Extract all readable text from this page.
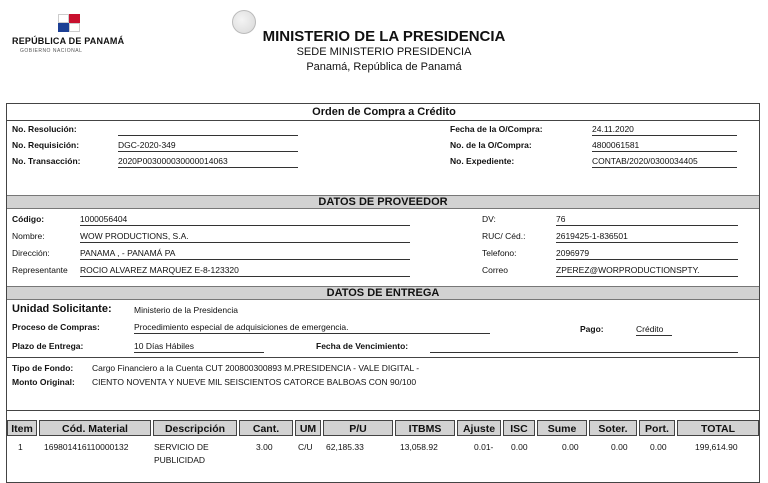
REPÚBLICA DE PANAMÁ
GOBIERNO NACIONAL
MINISTERIO DE LA PRESIDENCIA
SEDE MINISTERIO PRESIDENCIA
Panamá, República de Panamá
Orden de Compra a Crédito
No. Resolución:
No. Requisición:	DGC-2020-349
No. Transacción:	2020P003000030000014063
Fecha de la O/Compra:	24.11.2020
No. de la O/Compra:	4800061581
No. Expediente:	CONTAB/2020/0300034405
DATOS DE PROVEEDOR
Código:	1000056404
Nombre:	WOW PRODUCTIONS, S.A.
Dirección:	PANAMA , - PANAMÁ PA
Representante ROCIO ALVAREZ MARQUEZ E-8-123320
DV:	76
RUC/ Céd.:	2619425-1-836501
Telefono:	2096979
Correo	ZPEREZ@WORPRODUCTIONSPTY.
DATOS DE ENTREGA
Unidad Solicitante:	Ministerio de la Presidencia
Proceso de Compras:	Procedimiento especial de adquisiciones de emergencia.	Pago:	Crédito
Plazo de Entrega:	10 Días Hábiles	Fecha de Vencimiento:
Tipo de Fondo: Cargo Financiero a la Cuenta CUT 200800300893 M.PRESIDENCIA - VALE DIGITAL -
Monto Original: CIENTO NOVENTA Y NUEVE MIL SEISCIENTOS CATORCE BALBOAS CON 90/100
Item	Cód. Material	Descripción	Cant.	UM	P/U	ITBMS	Ajuste	ISC	Sume	Soter.	Port.	TOTAL
1	169801416110000132	SERVICIO DE
PUBLICIDAD
3.00	C/U 62,185.33	13,058.92	0.01- 0.00	0.00	0.00	0.00	199,614.90
